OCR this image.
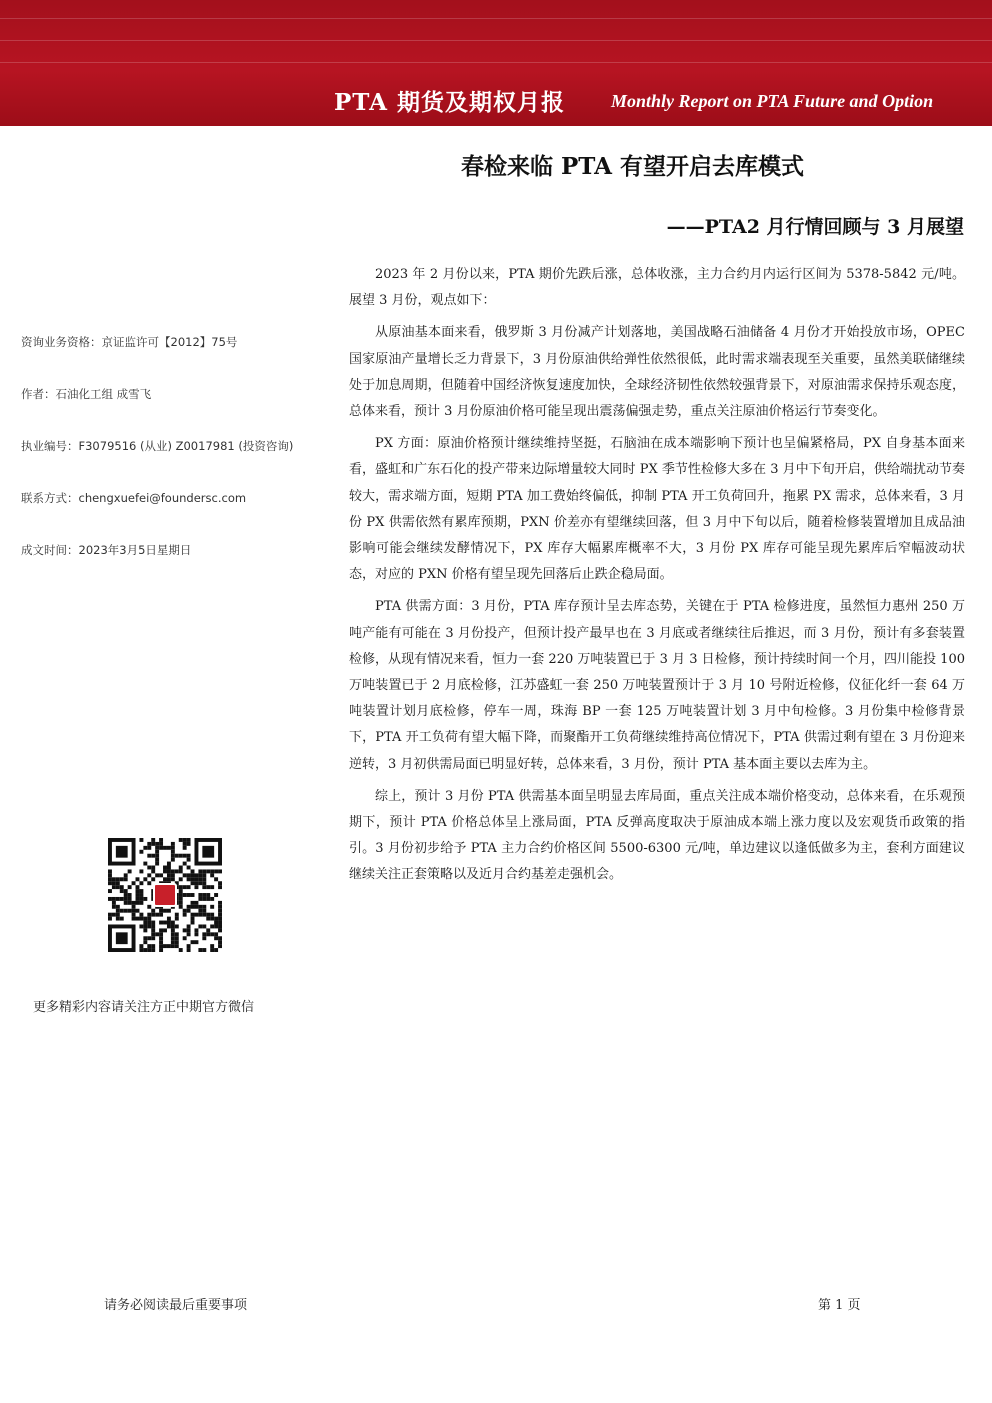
PTA 期货及期权月报	Monthly Report on PTA Future and Option
春检来临 PTA 有望开启去库模式
——PTA2 月行情回顾与 3 月展望
资询业务资格：京证监许可【2012】75号
作者：石油化工组 成雪飞
执业编号：F3079516 (从业) Z0017981 (投资咨询)
联系方式：chengxuefei@foundersc.com
成文时间：2023年3月5日星期日
更多精彩内容请关注方正中期官方微信

2023 年 2 月份以来，PTA 期价先跌后涨，总体收涨，主力合约月内运行区间为 5378-5842 元/吨。展望 3 月份，观点如下：

从原油基本面来看，俄罗斯 3 月份减产计划落地，美国战略石油储备 4 月份才开始投放市场，OPEC 国家原油产量增长乏力背景下，3 月份原油供给弹性依然很低，此时需求端表现至关重要，虽然美联储继续处于加息周期，但随着中国经济恢复速度加快，全球经济韧性依然较强背景下，对原油需求保持乐观态度，总体来看，预计 3 月份原油价格可能呈现出震荡偏强走势，重点关注原油价格运行节奏变化。

PX 方面：原油价格预计继续维持坚挺，石脑油在成本端影响下预计也呈偏紧格局，PX 自身基本面来看，盛虹和广东石化的投产带来边际增量较大同时 PX 季节性检修大多在 3 月中下旬开启，供给端扰动节奏较大，需求端方面，短期 PTA 加工费始终偏低，抑制 PTA 开工负荷回升，拖累 PX 需求，总体来看，3 月份 PX 供需依然有累库预期，PXN 价差亦有望继续回落，但 3 月中下旬以后，随着检修装置增加且成品油影响可能会继续发酵情况下，PX 库存大幅累库概率不大，3 月份 PX 库存可能呈现先累库后窄幅波动状态，对应的 PXN 价格有望呈现先回落后止跌企稳局面。

PTA 供需方面：3 月份，PTA 库存预计呈去库态势，关键在于 PTA 检修进度，虽然恒力惠州 250 万吨产能有可能在 3 月份投产，但预计投产最早也在 3 月底或者继续往后推迟，而 3 月份，预计有多套装置检修，从现有情况来看，恒力一套 220 万吨装置已于 3 月 3 日检修，预计持续时间一个月，四川能投 100 万吨装置已于 2 月底检修，江苏盛虹一套 250 万吨装置预计于 3 月 10 号附近检修，仪征化纤一套 64 万吨装置计划月底检修，停车一周，珠海 BP 一套 125 万吨装置计划 3 月中旬检修。3 月份集中检修背景下，PTA 开工负荷有望大幅下降，而聚酯开工负荷继续维持高位情况下，PTA 供需过剩有望在 3 月份迎来逆转，3 月初供需局面已明显好转，总体来看，3 月份，预计 PTA 基本面主要以去库为主。

综上，预计 3 月份 PTA 供需基本面呈明显去库局面，重点关注成本端价格变动，总体来看，在乐观预期下，预计 PTA 价格总体呈上涨局面，PTA 反弹高度取决于原油成本端上涨力度以及宏观货币政策的指引。3 月份初步给予 PTA 主力合约价格区间 5500-6300 元/吨，单边建议以逢低做多为主，套利方面建议继续关注正套策略以及近月合约基差走强机会。

请务必阅读最后重要事项	第 1 页
